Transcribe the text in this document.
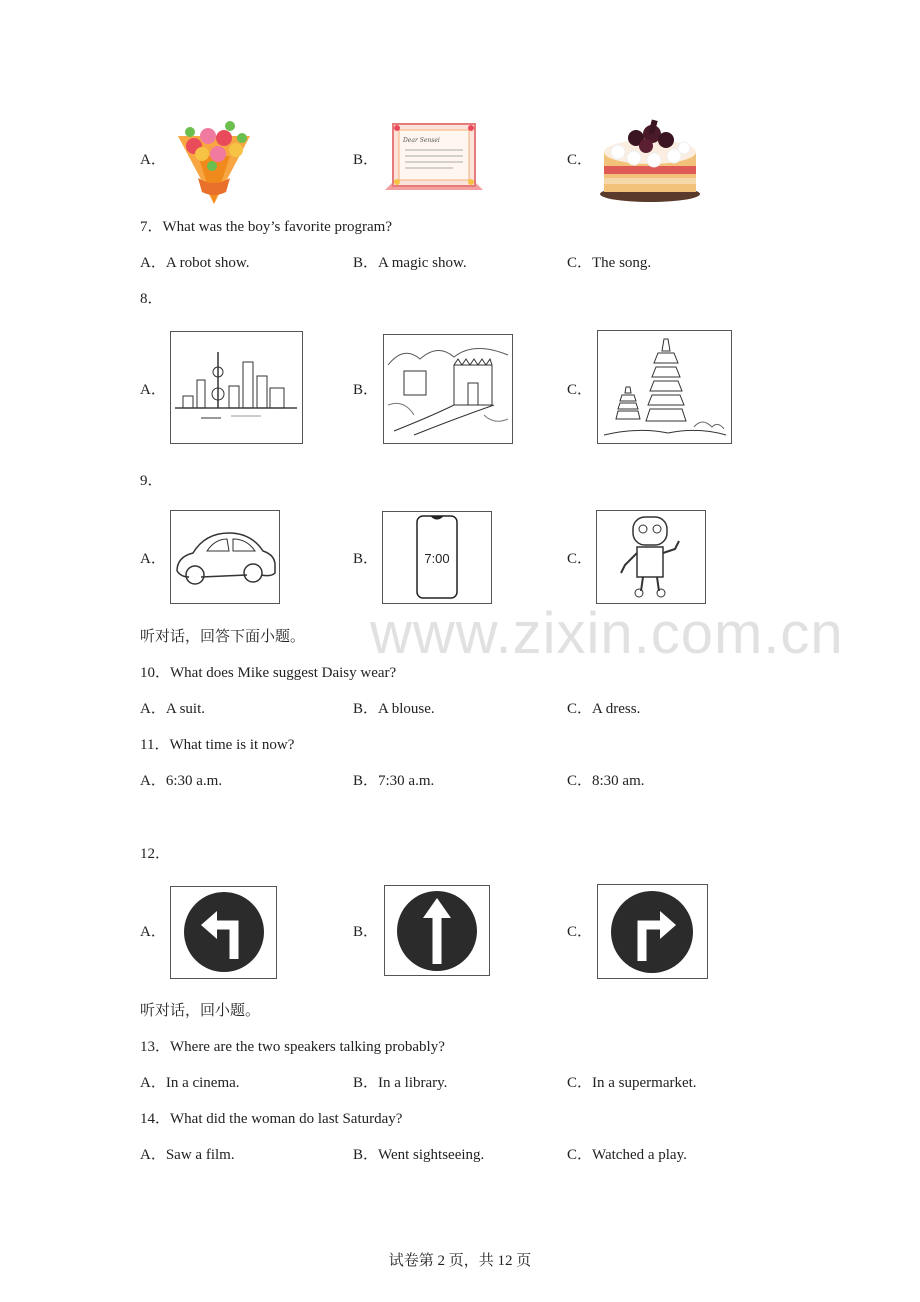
A．	B．
Dear Sensei
C．
7．What was the boy’s favorite program?
A．A robot show.	B．A magic show.	C．The song.
8．
A．	B．	C．
9．
A．	B．	7:00	C．
www.zixin.com.cn
听对话，回答下面小题。
10．What does Mike suggest Daisy wear?
A．A suit.	B．A blouse.	C．A dress.
11．What time is it now?
A．6:30 a.m.	B．7:30 a.m.	C．8:30 am.
12．
A．	B．	C．
听对话，回小题。
13．Where are the two speakers talking probably?
A．In a cinema.	B．In a library.	C．In a supermarket.
14．What did the woman do last Saturday?
A．Saw a film.	B．Went sightseeing.	C．Watched a play.
试卷第 2 页，共 12 页
